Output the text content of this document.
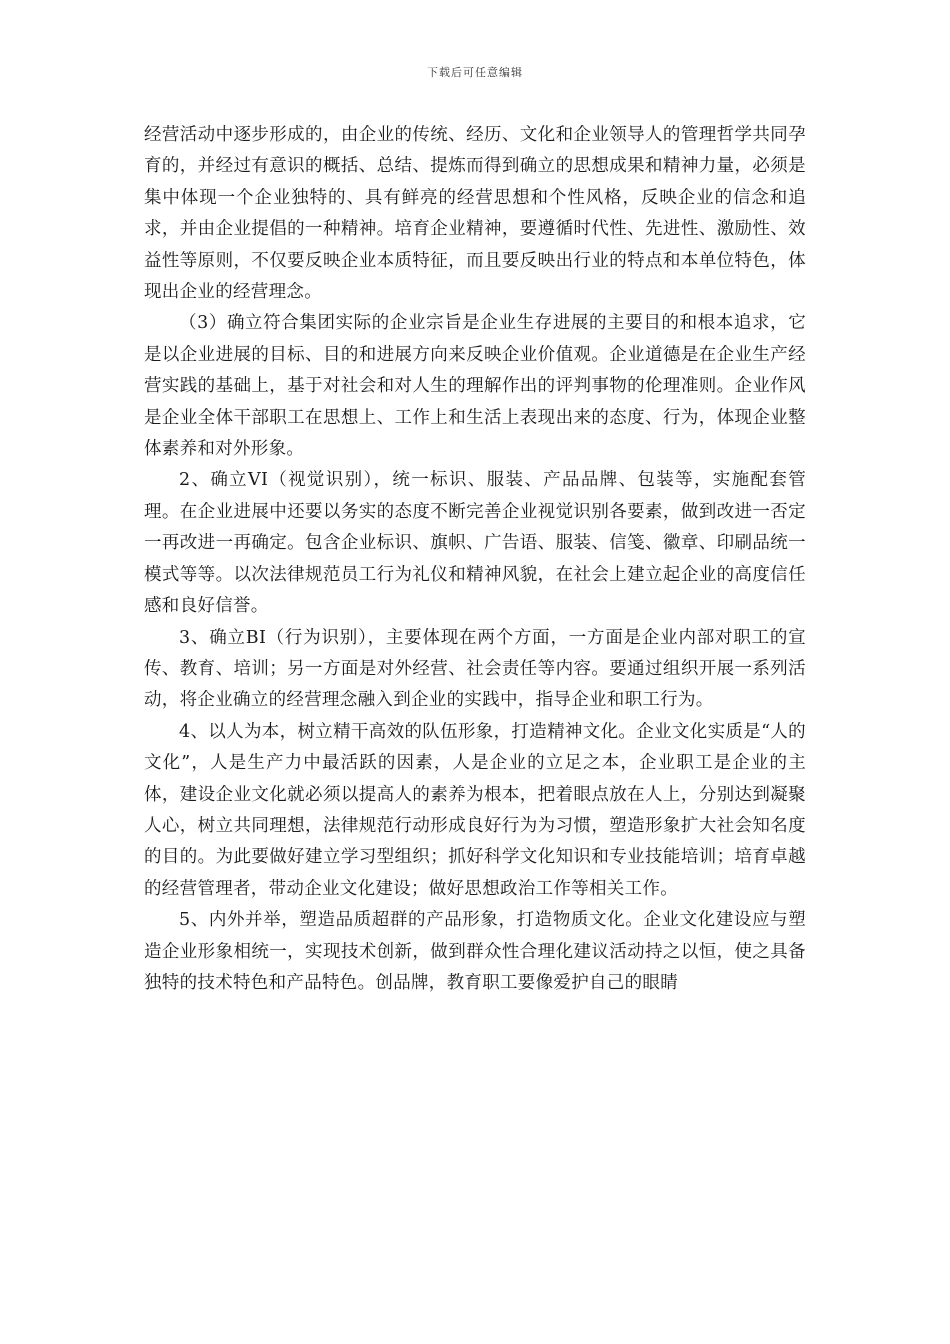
下载后可任意编辑

经营活动中逐步形成的，由企业的传统、经历、文化和企业领导人的管理哲学共同孕育的，并经过有意识的概括、总结、提炼而得到确立的思想成果和精神力量，必须是集中体现一个企业独特的、具有鲜亮的经营思想和个性风格，反映企业的信念和追求，并由企业提倡的一种精神。培育企业精神，要遵循时代性、先进性、激励性、效益性等原则，不仅要反映企业本质特征，而且要反映出行业的特点和本单位特色，体现出企业的经营理念。

（3）确立符合集团实际的企业宗旨是企业生存进展的主要目的和根本追求，它是以企业进展的目标、目的和进展方向来反映企业价值观。企业道德是在企业生产经营实践的基础上，基于对社会和对人生的理解作出的评判事物的伦理准则。企业作风是企业全体干部职工在思想上、工作上和生活上表现出来的态度、行为，体现企业整体素养和对外形象。

2、确立VI（视觉识别），统一标识、服装、产品品牌、包装等，实施配套管理。在企业进展中还要以务实的态度不断完善企业视觉识别各要素，做到改进一否定一再改进一再确定。包含企业标识、旗帜、广告语、服装、信笺、徽章、印刷品统一模式等等。以次法律规范员工行为礼仪和精神风貌，在社会上建立起企业的高度信任感和良好信誉。

3、确立BI（行为识别），主要体现在两个方面，一方面是企业内部对职工的宣传、教育、培训；另一方面是对外经营、社会责任等内容。要通过组织开展一系列活动，将企业确立的经营理念融入到企业的实践中，指导企业和职工行为。

4、以人为本，树立精干高效的队伍形象，打造精神文化。企业文化实质是“人的文化”，人是生产力中最活跃的因素，人是企业的立足之本，企业职工是企业的主体，建设企业文化就必须以提高人的素养为根本，把着眼点放在人上，分别达到凝聚人心，树立共同理想，法律规范行动形成良好行为为习惯，塑造形象扩大社会知名度的目的。为此要做好建立学习型组织；抓好科学文化知识和专业技能培训；培育卓越的经营管理者，带动企业文化建设；做好思想政治工作等相关工作。

5、内外并举，塑造品质超群的产品形象，打造物质文化。企业文化建设应与塑造企业形象相统一，实现技术创新，做到群众性合理化建议活动持之以恒，使之具备独特的技术特色和产品特色。创品牌，教育职工要像爱护自己的眼睛
